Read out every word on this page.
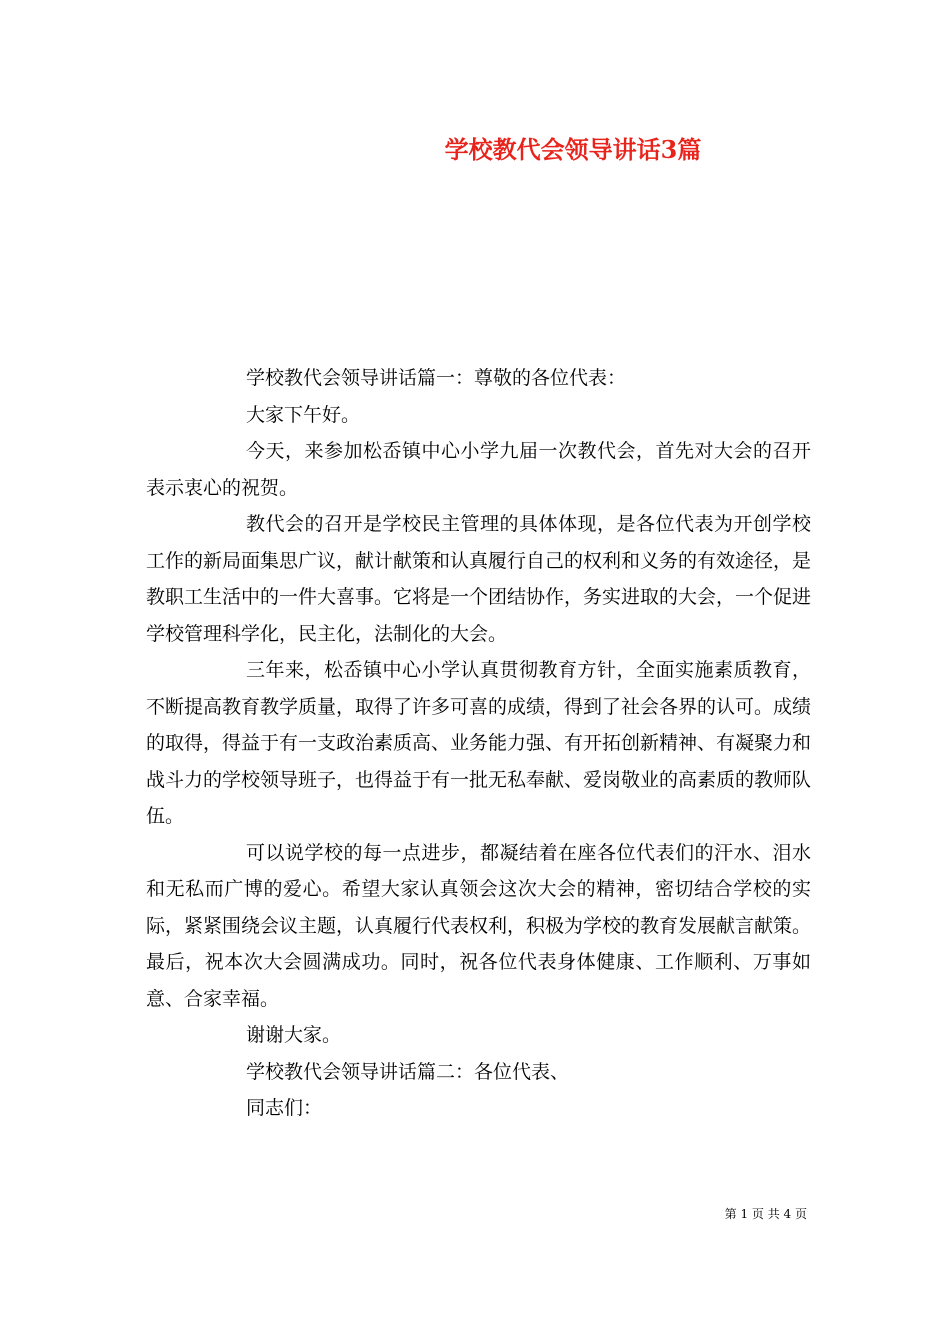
学校教代会领导讲话3篇

学校教代会领导讲话篇一：尊敬的各位代表：

大家下午好。

今天，来参加松岙镇中心小学九届一次教代会，首先对大会的召开表示衷心的祝贺。

教代会的召开是学校民主管理的具体体现，是各位代表为开创学校工作的新局面集思广议，献计献策和认真履行自己的权利和义务的有效途径，是教职工生活中的一件大喜事。它将是一个团结协作，务实进取的大会，一个促进学校管理科学化，民主化，法制化的大会。

三年来，松岙镇中心小学认真贯彻教育方针，全面实施素质教育，不断提高教育教学质量，取得了许多可喜的成绩，得到了社会各界的认可。成绩的取得，得益于有一支政治素质高、业务能力强、有开拓创新精神、有凝聚力和战斗力的学校领导班子，也得益于有一批无私奉献、爱岗敬业的高素质的教师队伍。

可以说学校的每一点进步，都凝结着在座各位代表们的汗水、泪水和无私而广博的爱心。希望大家认真领会这次大会的精神，密切结合学校的实际，紧紧围绕会议主题，认真履行代表权利，积极为学校的教育发展献言献策。最后，祝本次大会圆满成功。同时，祝各位代表身体健康、工作顺利、万事如意、合家幸福。

谢谢大家。

学校教代会领导讲话篇二：各位代表、

同志们：

第 1 页 共 4 页
